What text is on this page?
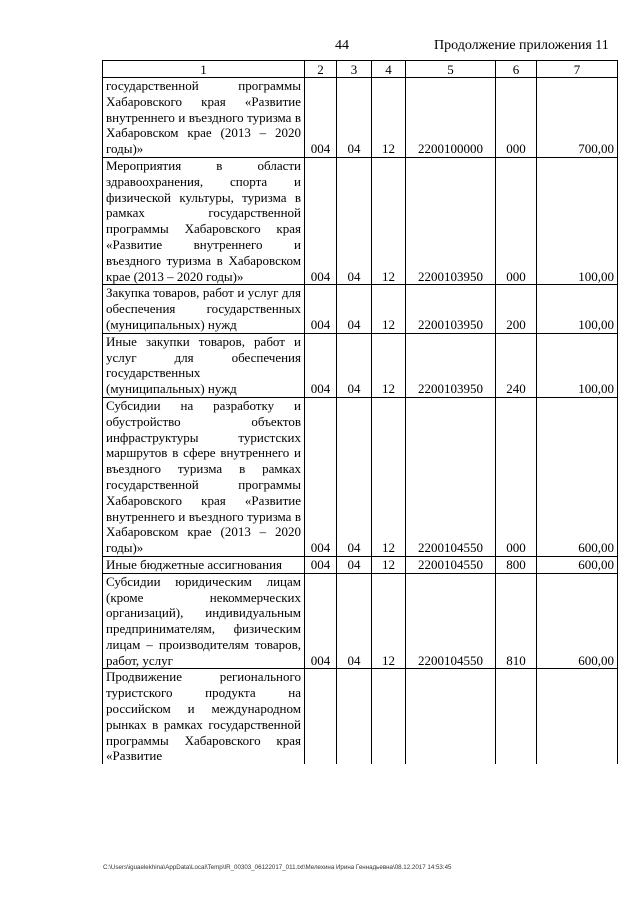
44	Продолжение приложения 11
1	2	3	4	5	6	7
государственной программы Хабаровского края «Развитие внутреннего и въездного туризма в Хабаровском крае (2013 – 2020 годы)»	004	04	12	2200100000	000	700,00
Мероприятия в области здравоохранения, спорта и физической культуры, туризма в рамках государственной программы Хабаровского края «Развитие внутреннего и въездного туризма в Хабаровском крае (2013 – 2020 годы)»	004	04	12	2200103950	000	100,00
Закупка товаров, работ и услуг для обеспечения государственных (муниципальных) нужд	004	04	12	2200103950	200	100,00
Иные закупки товаров, работ и услуг для обеспечения государственных (муниципальных) нужд	004	04	12	2200103950	240	100,00
Субсидии на разработку и обустройство объектов инфраструктуры туристских маршрутов в сфере внутреннего и въездного туризма в рамках государственной программы Хабаровского края «Развитие внутреннего и въездного туризма в Хабаровском крае (2013 – 2020 годы)»	004	04	12	2200104550	000	600,00
Иные бюджетные ассигнования	004	04	12	2200104550	800	600,00
Субсидии юридическим лицам (кроме некоммерческих организаций), индивидуальным предпринимателям, физическим лицам – производителям товаров, работ, услуг	004	04	12	2200104550	810	600,00
Продвижение регионального туристского продукта на российском и международном рынках в рамках государственной программы Хабаровского края «Развитие						
C:\Users\iguaelekhina\AppData\Local\Temp\IR_00303_06122017_011.txt\Мелехина Ирина Геннадьевна\08.12.2017 14:53:45
